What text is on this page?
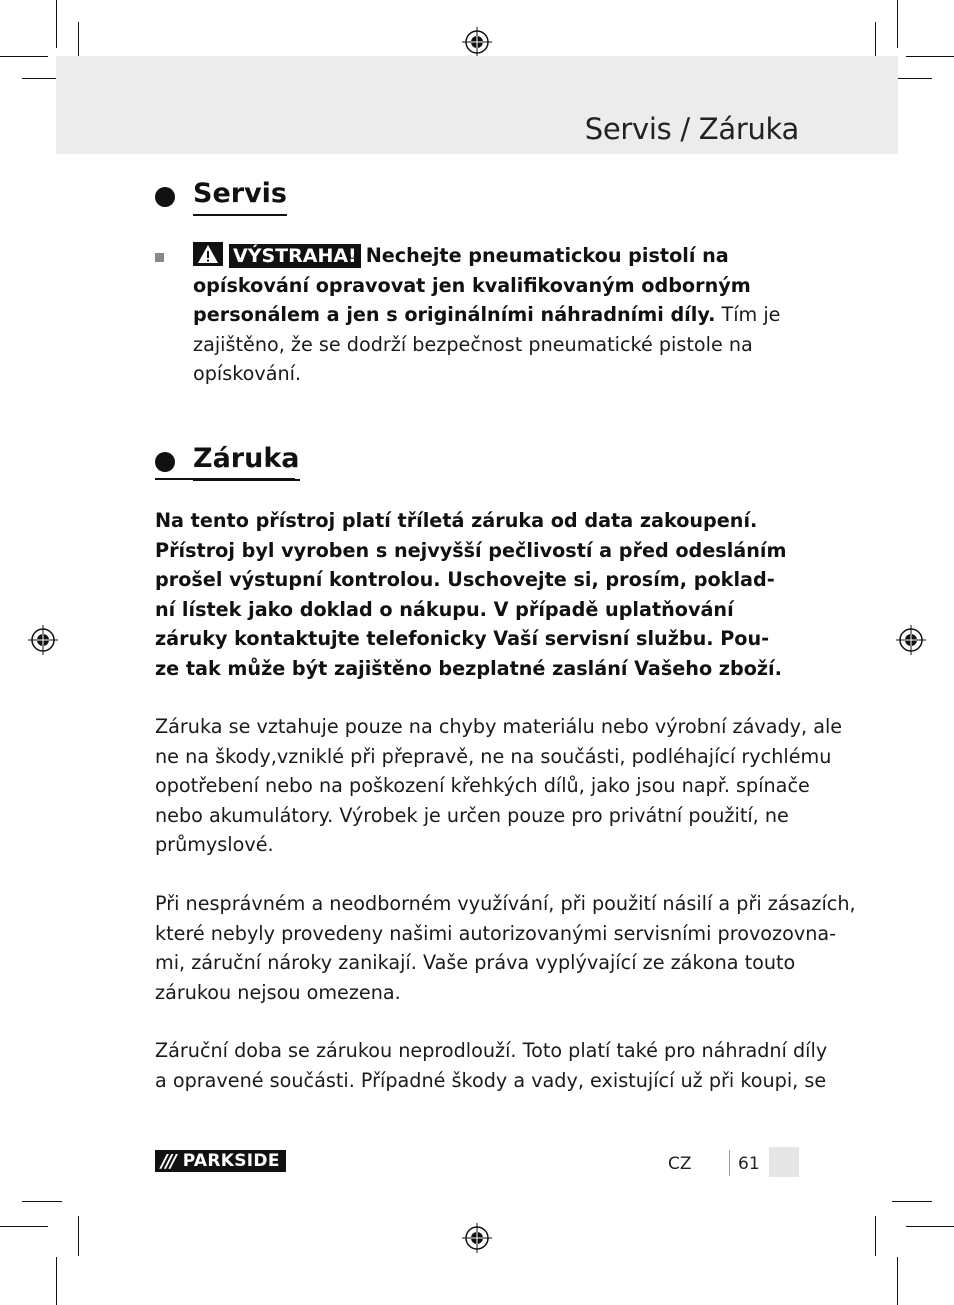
Servis / Záruka
Servis
VÝSTRAHA! Nechejte pneumatickou pistolí na opískování opravovat jen kvalifikovaným odborným personálem a jen s originálními náhradními díly. Tím je zajištěno, že se dodrží bezpečnost pneumatické pistole na opískování.
Záruka
Na tento přístroj platí tříletá záruka od data zakoupení.
Přístroj byl vyroben s nejvyšší pečlivostí a před odesláním
prošel výstupní kontrolou. Uschovejte si, prosím, poklad-
ní lístek jako doklad o nákupu. V případě uplatňování
záruky kontaktujte telefonicky Vaší servisní službu. Pou-
ze tak může být zajištěno bezplatné zaslání Vašeho zboží.
Záruka se vztahuje pouze na chyby materiálu nebo výrobní závady, ale
ne na škody,vzniklé při přepravě, ne na součásti, podléhající rychlému
opotřebení nebo na poškození křehkých dílů, jako jsou např. spínače
nebo akumulátory. Výrobek je určen pouze pro privátní použití, ne
průmyslové.
Při nesprávném a neodborném využívání, při použití násilí a při zásazích,
které nebyly provedeny našimi autorizovanými servisními provozovna-
mi, záruční nároky zanikají. Vaše práva vyplývající ze zákona touto
zárukou nejsou omezena.
Záruční doba se zárukou neprodlouží. Toto platí také pro náhradní díly
a opravené součásti. Případné škody a vady, existující už při koupi, se
/// PARKSIDE	CZ	61
